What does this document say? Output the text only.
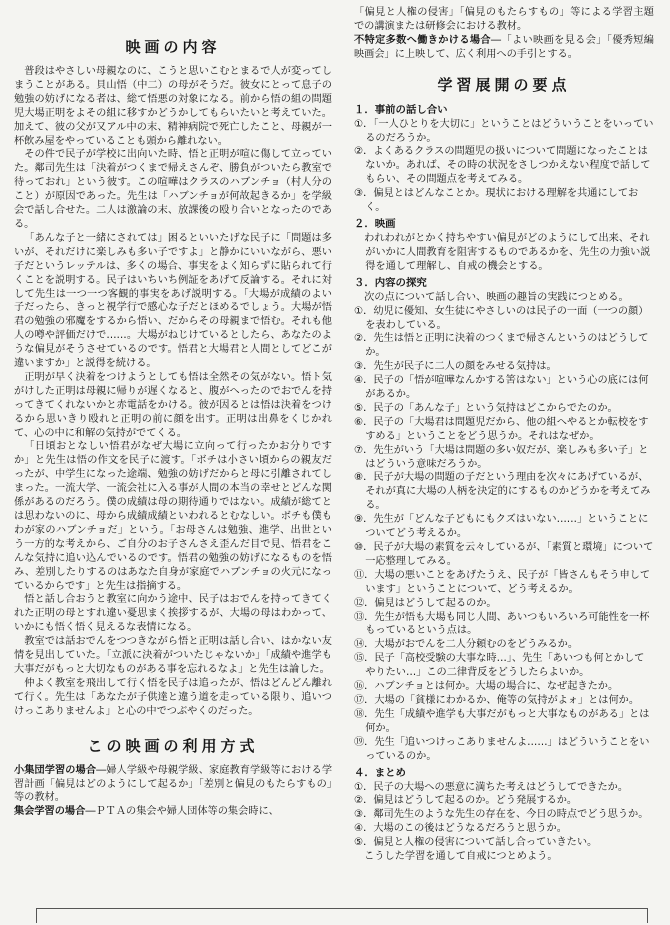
映画の内容

普段はやさしい母親なのに、こうと思いこむとまるで人が変ってしまうことがある。貝山悟（中二）の母がそうだ。彼女にとって息子の勉強の妨げになる者は、総て悟悪の対象になる。前から悟の組の問題児大場正明をよその組に移すかどうかしてもらいたいと考えていた。加えて、彼の父が又アル中の末、精神病院で死亡したこと、母親が一杯飲み屋をやっていることも頭から離れない。

その件で民子が学校に出向いた時、悟と正明が喧に傷して立っていた。鄰司先生は「決着がつくまで帰えさんぞ、勝負がついたら教室で待っておれ」という彼す。この喧嘩はクラスのハブンチョ（村人分のこと）が原因であった。先生は「ハブンチョが何故起きるか」を学級会で話し合せた。二人は激論の末、放課後の殴り合いとなったのである。

「あんな子と一緒にされては」困るといいたげな民子に「問題は多いが、それだけに楽しみも多い子ですよ」と静かにいいながら、悪い子だというレッテルは、多くの場合、事実をよく知らずに貼られて行くことを説明する。民子はいちいち例証をあげて反論する。それに対して先生は一つ一つ客観的事実をあげ説明する。「大場が成績のよい子だったら、きっと視学行で感心な子だとほめるでしょう。大場が悟君の勉強の邪魔をするから悟い、だからその母親まで悟む。それも他人の噂や評価だけで……。大場がねじけているとしたら、あなたのような偏見がそうさせているのです。悟君と大場君と人間としてどこが違いますか」と説得を続ける。

正明が早く決着をつけようとしても悟は全然その気がない。悟ト気がけした正明は母親に帰りが遅くなると、腹がへったのでおでんを持ってきてくれないかと赤電話をかける。彼が因るとは悟は決着をつけるから思いきり殴れと正明の前に顔を出す。正明は出鼻をくじかれて、心の中に和解の気持がでてくる。

「日頃おとなしい悟君がなぜ大場に立向って行ったかお分りですか」と先生は悟の作文を民子に渡す。「ボチは小さい頃からの親友だったが、中学生になった途端、勉強の妨げだからと母に引離されてしまった。一流大学、一流会社に入る事が人間の本当の幸せとどんな関係があるのだろう。僕の成績は母の期待通りではない。成績が総てとは思わないのに、母から成績成績といわれるとむなしい。ボチも僕もわが家のハブンチョだ」という。「お母さんは勉強、進学、出世という一方的な考えから、ご自分のお子さんさえ歪んだ目で見、悟君をこんな気持に追い込んでいるのです。悟君の勉強の妨げになるものを悟み、差別したりするのはあなた自身が家庭でハブンチョの火元になっているからです」と先生は指摘する。

悟と話し合おうと教室に向かう途中、民子はおでんを持ってきてくれた正明の母とすれ違い憂思まく挨拶するが、大場の母はわかって、いかにも悟く悟く見えるな表情になる。

教室では話おでんをつつきながら悟と正明は話し合い、はかない友情を見出していた。「立派に決着がついたじゃないか」「成績や進学も大事だがもっと大切なものがある事を忘れるなよ」と先生は論した。

仲よく教室を飛出して行く悟を民子は追ったが、悟はどんどん離れて行く。先生は「あなたが子供達と違う道を走っている限り、追いつけっこありませんよ」と心の中でつぶやくのだった。

この映画の利用方式

小集団学習の場合―婦人学級や母親学級、家庭教育学級等における学習計画「偏見はどのようにして起るか」「差別と偏見のもたらすもの」等の教材。

集会学習の場合―ＰＴＡの集会や婦人団体等の集会時に、

「偏見と人権の侵害」「偏見のもたらすもの」等による学習主題での講演または研修会における教材。

不特定多数へ働きかける場合―「よい映画を見る会」「優秀短編映画会」に上映して、広く利用への手引とする。

学習展開の要点
１．事前の話し合い
①．「一人ひとりを大切に」ということはどういうことをいっているのだろうか。
②．よくあるクラスの問題児の扱いについて問題になったことはないか。あれば、その時の状況をさしつかえない程度で話してもらい、その問題点を考えてみる。
③．偏見とはどんなことか。現状における理解を共通にしておく。
２．映画
　われわれがとかく持ちやすい偏見がどのようにして出来、それがいかに人間教育を阻害するものであるかを、先生の力強い説得を通して理解し、自戒の機会とする。
３．内容の探究
　次の点について話し合い、映画の趣旨の実践につとめる。
①．幼児に優知、女生徒にやさしいのは民子の一面（一つの顔）を表わしている。
②．先生は悟と正明に決着のつくまで帰さんというのはどうしてか。
③．先生が民子に二人の顔をみせる気持は。
④．民子の「悟が喧嘩なんかする筈はない」という心の底には何があるか。
⑤．民子の「あんな子」という気持はどこからでたのか。
⑥．民子の「大場君は問題児だから、他の組へやるとか転校をすすめる」ということをどう思うか。それはなぜか。
⑦．先生がいう「大場は問題の多い奴だが、楽しみも多い子」とはどういう意味だろうか。
⑧．民子が大場の問題の子だという理由を次々にあげているが、それが真に大場の人柄を決定的にするものかどうかを考えてみる。
⑨．先生が「どんな子どもにもクズはいない……」ということについてどう考えるか。
⑩．民子が大場の素質を云々しているが、「素質と環境」について一応整理してみる。
⑪．大場の悪いことをあげたうえ、民子が「皆さんもそう申しています」ということについて、どう考えるか。
⑫．偏見はどうして起るのか。
⑬．先生が悟も大場も同じ人間、あいつもいろいろ可能性を一杯もっているという点は。
⑭．大場がおでんを二人分頼むのをどうみるか。
⑮．民子「高校受験の大事な時…」、先生「あいつも何とかしてやりたい…」この二律背反をどうしたらよいか。
⑯．ハブンチョとは何か。大場の場合に、なぜ起きたか。
⑰．大場の「貧様にわかるか、俺等の気持がよォ」とは何か。
⑱．先生「成績や進学も大事だがもっと大事なものがある」とは何か。
⑲．先生「追いつけっこありませんよ……」はどういうことをいっているのか。
４．まとめ
①．民子の大場への悪意に満ちた考えはどうしてできたか。
②．偏見はどうして起るのか。どう発展するか。
③．鄰司先生のような先生の存在を、今日の時点でどう思うか。
④．大場のこの後はどうなるだろうと思うか。
⑤．偏見と人権の侵害について話し合っていきたい。
　こうした学習を通して自戒につとめよう。
